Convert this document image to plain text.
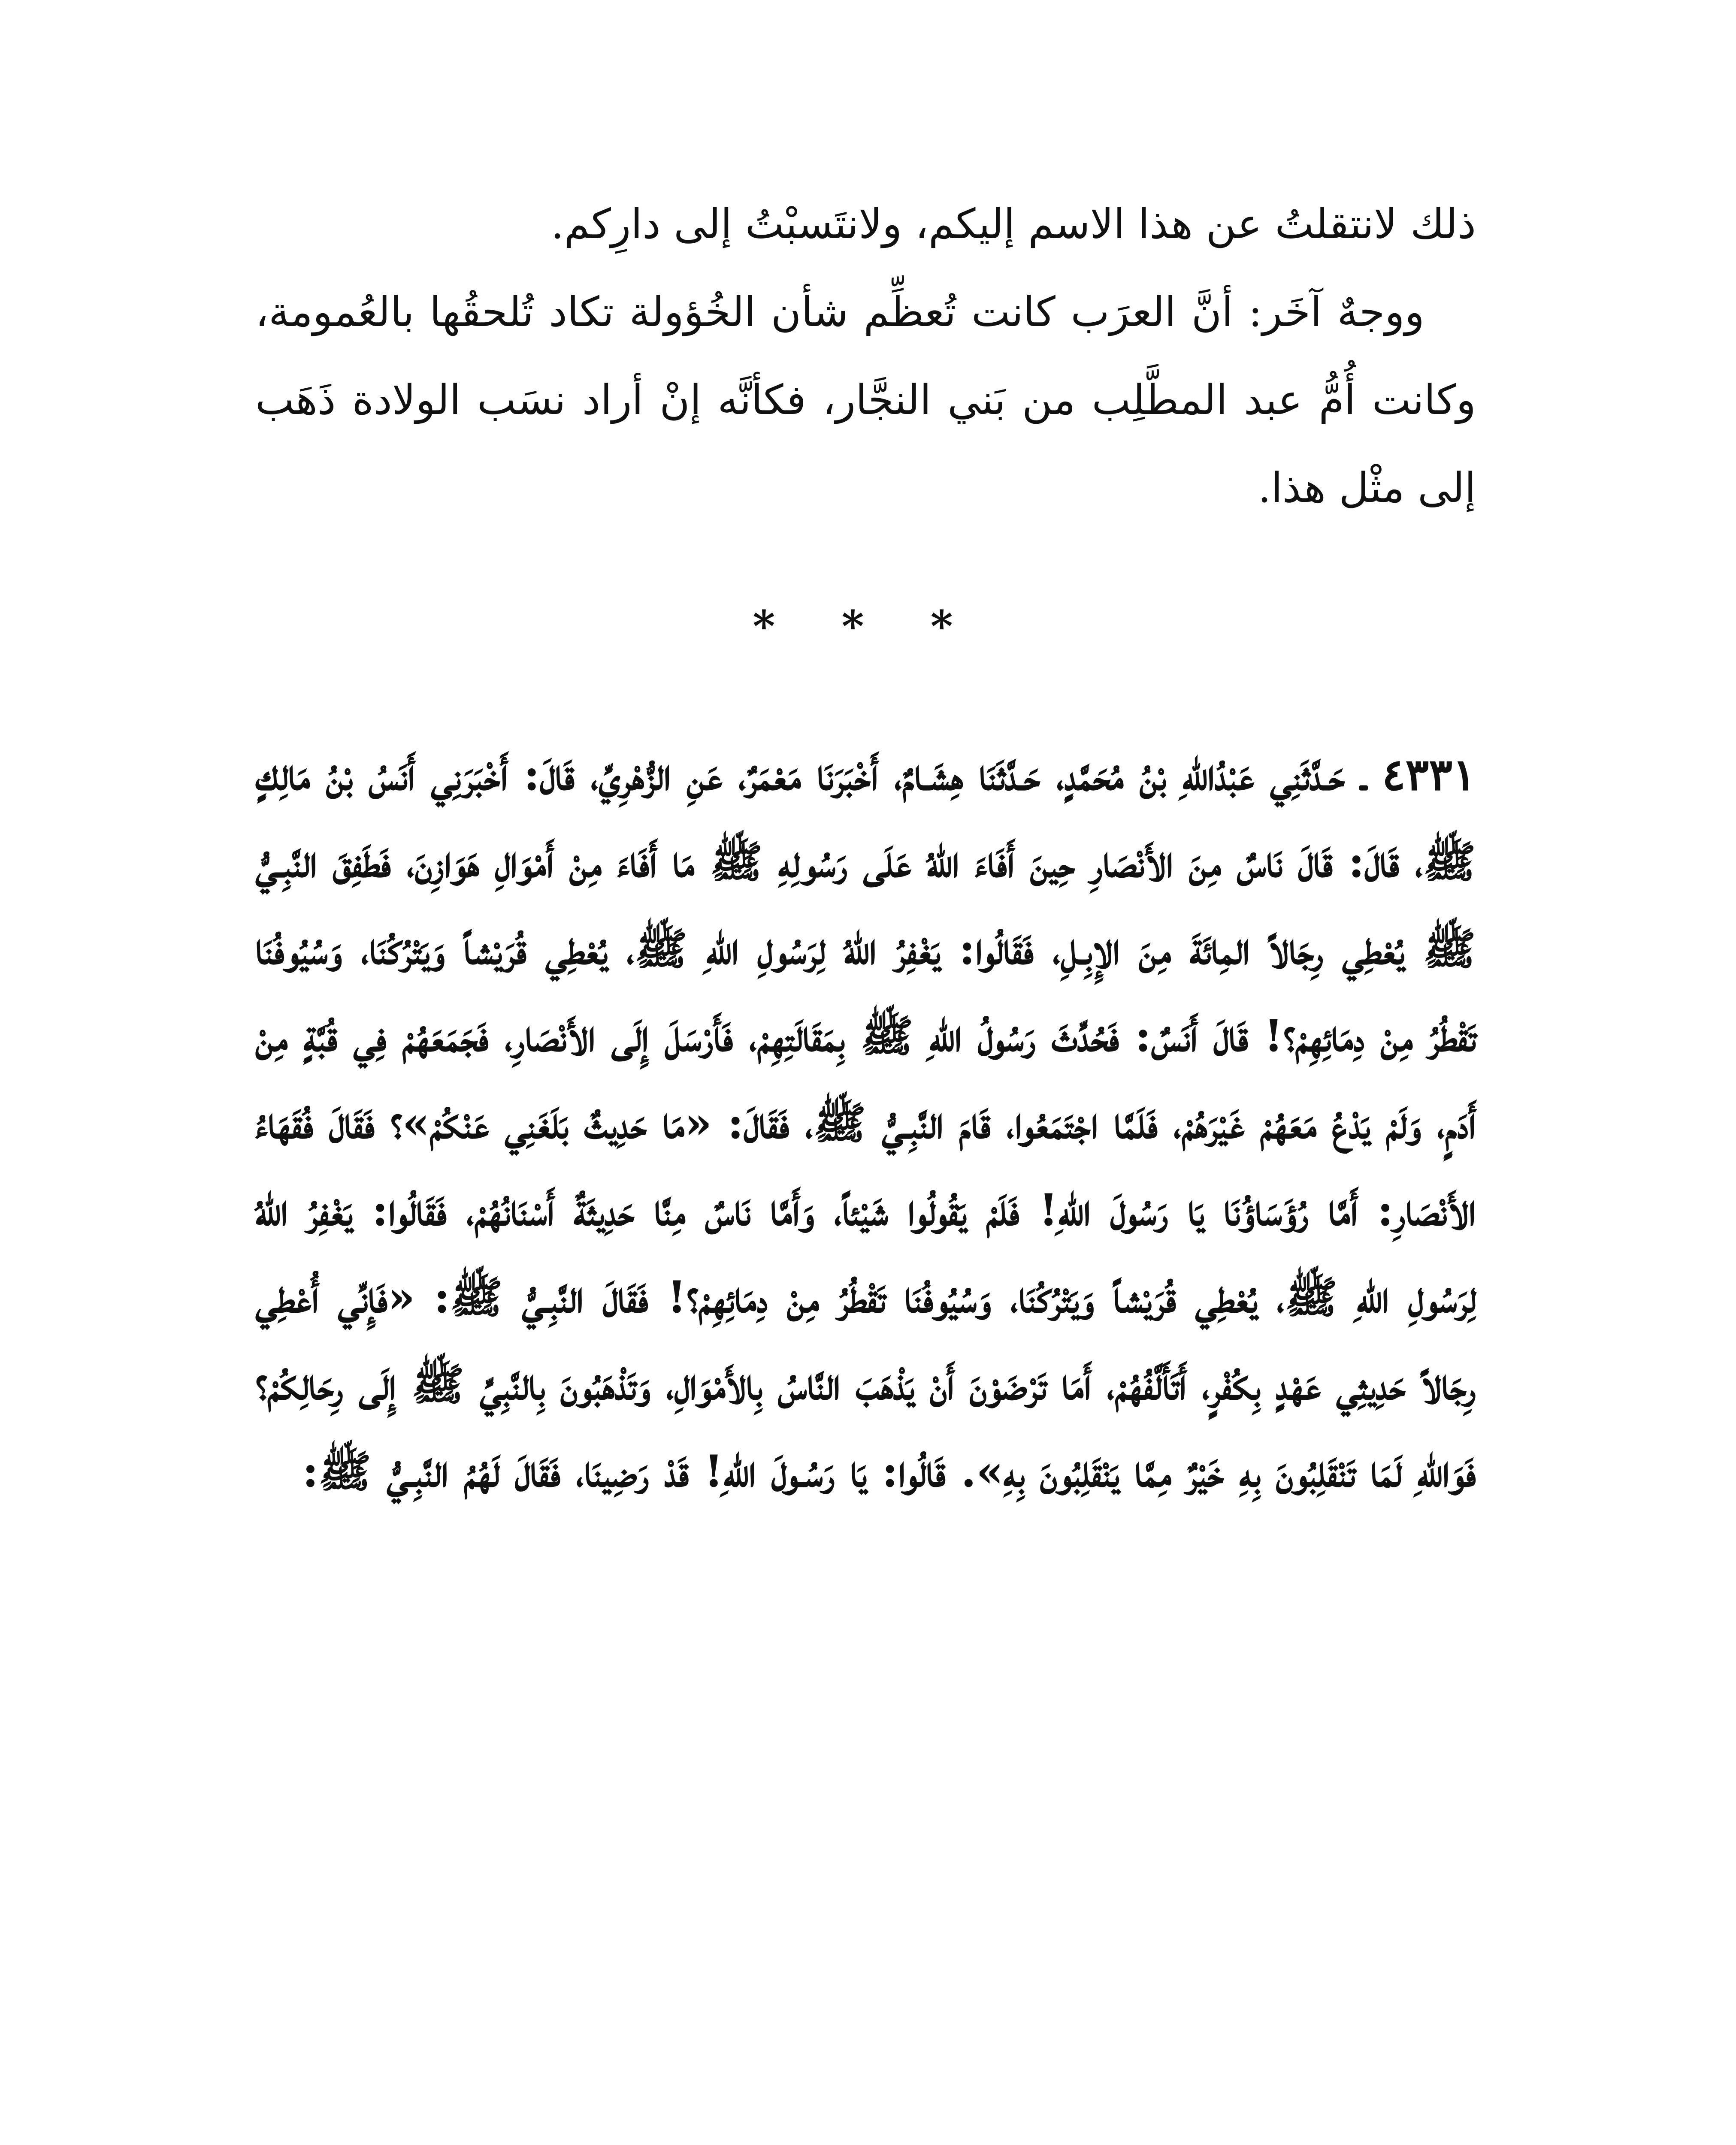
ذلك لانتقلتُ عن هذا الاسم إليكم، ولانتَسبْتُ إلى دارِكم.

ووجهٌ آخَر: أنَّ العرَب كانت تُعظِّم شأن الخُؤولة تكاد تُلحقُها بالعُمومة، وكانت أُمُّ عبد المطَّلِب من بَني النجَّار، فكأنَّه إنْ أراد نسَب الولادة ذَهَب إلى مثْل هذا.

* * *

٤٣٣١ ـ حَـدَّثَنِي عَبْدُاللهِ بْنُ مُحَمَّدٍ، حَـدَّثَنَا هِشَـامٌ، أَخْبَرَنَا مَعْمَرٌ، عَنِ الزُّهْرِيِّ، قَالَ: أَخْبَرَنِي أَنَسُ بْنُ مَالِكٍ ﷺ، قَالَ: قَالَ نَاسٌ مِنَ الأَنْصَارِ حِينَ أَفَاءَ اللهُ عَلَى رَسُولِهِ ﷺ مَا أَفَاءَ مِنْ أَمْوَالِ هَوَازِنَ، فَطَفِقَ النَّبِـيُّ ﷺ يُعْطِي رِجَالاً المِائَةَ مِنَ الإِبِـلِ، فَقَالُوا: يَغْفِرُ اللهُ لِرَسُولِ اللهِ ﷺ، يُعْطِي قُرَيْشاً وَيَتْرُكُنَا، وَسُيُوفُنَا تَقْطُرُ مِنْ دِمَائِهِمْ؟! قَالَ أَنَسٌ: فَحُدِّثَ رَسُولُ اللهِ ﷺ بِمَقَالَتِهِمْ، فَأَرْسَلَ إِلَى الأَنْصَارِ، فَجَمَعَهُمْ فِي قُبَّةٍ مِنْ أَدَمٍ، وَلَمْ يَدْعُ مَعَهُمْ غَيْرَهُمْ، فَلَمَّا اجْتَمَعُوا، قَامَ النَّبِـيُّ ﷺ، فَقَالَ: «مَا حَدِيثٌ بَلَغَنِي عَنْكُمْ»؟ فَقَالَ فُقَهَاءُ الأَنْصَارِ: أَمَّا رُؤَسَاؤُنَا يَا رَسُولَ اللهِ! فَلَمْ يَقُولُوا شَيْئاً، وَأَمَّا نَاسٌ مِنَّا حَدِيثَةٌ أَسْنَانُهُمْ، فَقَالُوا: يَغْفِرُ اللهُ لِرَسُولِ اللهِ ﷺ، يُعْطِي قُرَيْشاً وَيَتْرُكُنَا، وَسُيُوفُنَا تَقْطُرُ مِنْ دِمَائِهِمْ؟! فَقَالَ النَّبِـيُّ ﷺ: «فَإِنِّي أُعْطِي رِجَالاً حَدِيثِي عَهْدٍ بِكُفْرٍ، أَتَأَلَّفُهُمْ، أَمَا تَرْضَوْنَ أَنْ يَذْهَبَ النَّاسُ بِالأَمْوَالِ، وَتَذْهَبُونَ بِالنَّبِيِّ ﷺ إِلَى رِحَالِكُمْ؟ فَوَاللهِ لَمَا تَنْقَلِبُونَ بِهِ خَيْرٌ مِمَّا يَنْقَلِبُونَ بِهِ». قَالُوا: يَا رَسُـولَ اللهِ! قَدْ رَضِينَا، فَقَالَ لَهُمُ النَّبِـيُّ ﷺ:
